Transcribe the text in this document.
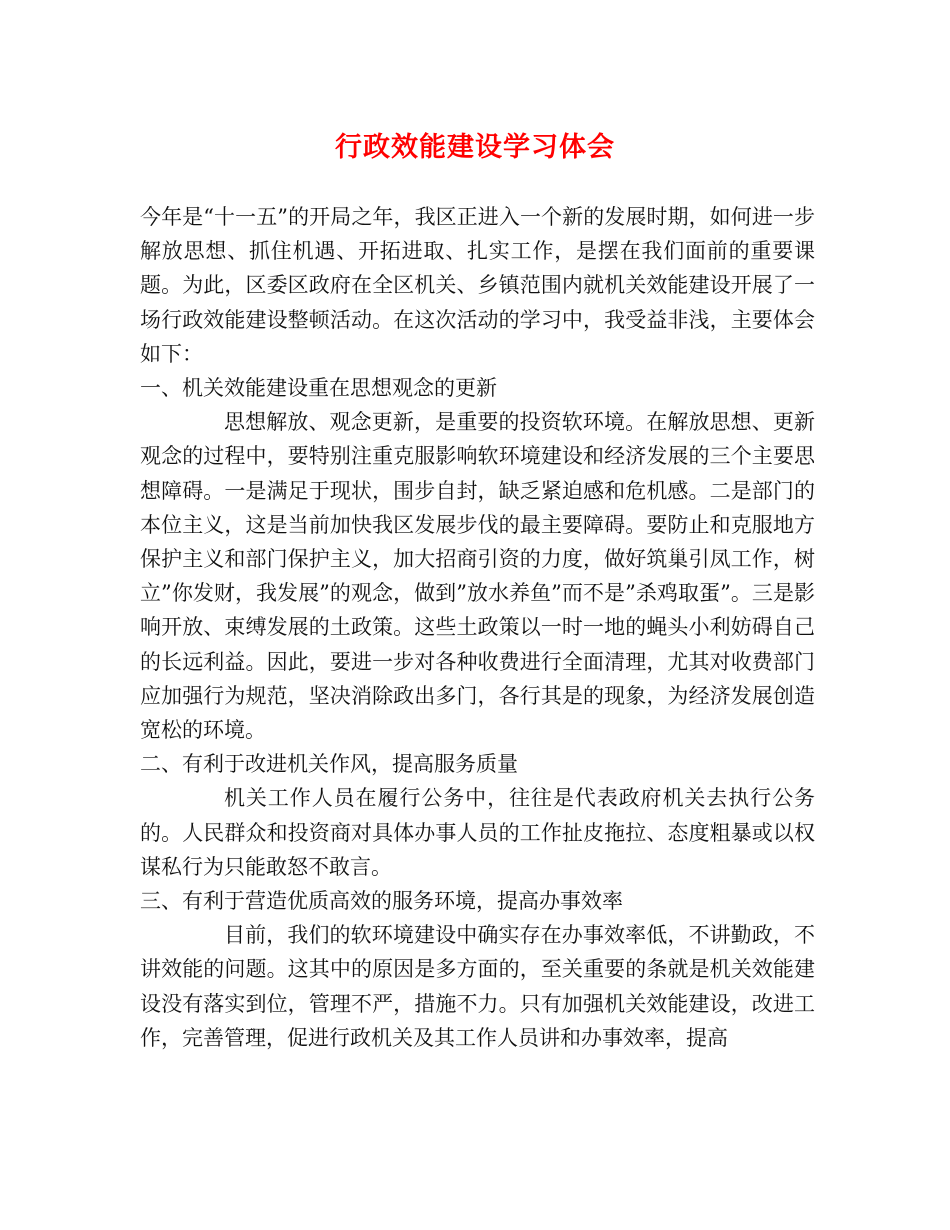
行政效能建设学习体会

今年是“十一五”的开局之年，我区正进入一个新的发展时期，如何进一步解放思想、抓住机遇、开拓进取、扎实工作，是摆在我们面前的重要课题。为此，区委区政府在全区机关、乡镇范围内就机关效能建设开展了一场行政效能建设整顿活动。在这次活动的学习中，我受益非浅，主要体会如下：

一、机关效能建设重在思想观念的更新

思想解放、观念更新，是重要的投资软环境。在解放思想、更新观念的过程中，要特别注重克服影响软环境建设和经济发展的三个主要思想障碍。一是满足于现状，围步自封，缺乏紧迫感和危机感。二是部门的本位主义，这是当前加快我区发展步伐的最主要障碍。要防止和克服地方保护主义和部门保护主义，加大招商引资的力度，做好筑巢引凤工作，树立”你发财，我发展”的观念，做到”放水养鱼”而不是”杀鸡取蛋”。三是影响开放、束缚发展的土政策。这些土政策以一时一地的蝇头小利妨碍自己的长远利益。因此，要进一步对各种收费进行全面清理，尤其对收费部门应加强行为规范，坚决消除政出多门，各行其是的现象，为经济发展创造宽松的环境。

二、有利于改进机关作风，提高服务质量

机关工作人员在履行公务中，往往是代表政府机关去执行公务的。人民群众和投资商对具体办事人员的工作扯皮拖拉、态度粗暴或以权谋私行为只能敢怒不敢言。

三、有利于营造优质高效的服务环境，提高办事效率

目前，我们的软环境建设中确实存在办事效率低，不讲勤政，不讲效能的问题。这其中的原因是多方面的，至关重要的条就是机关效能建设没有落实到位，管理不严，措施不力。只有加强机关效能建设，改进工作，完善管理，促进行政机关及其工作人员讲和办事效率，提高
